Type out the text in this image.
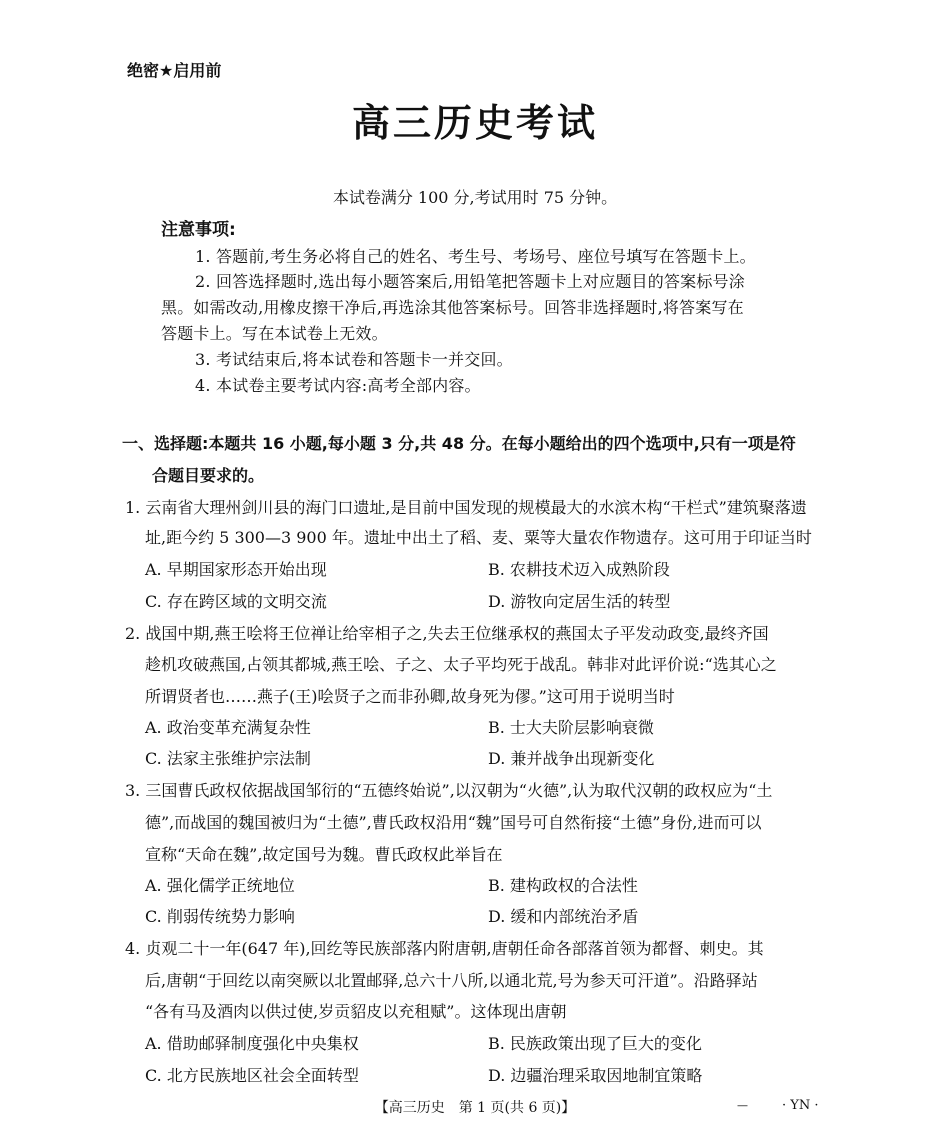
绝密★启用前
高三历史考试
本试卷满分 100 分,考试用时 75 分钟。
注意事项:
1. 答题前,考生务必将自己的姓名、考生号、考场号、座位号填写在答题卡上。
2. 回答选择题时,选出每小题答案后,用铅笔把答题卡上对应题目的答案标号涂
黑。如需改动,用橡皮擦干净后,再选涂其他答案标号。回答非选择题时,将答案写在
答题卡上。写在本试卷上无效。
3. 考试结束后,将本试卷和答题卡一并交回。
4. 本试卷主要考试内容:高考全部内容。
一、选择题:本题共 16 小题,每小题 3 分,共 48 分。在每小题给出的四个选项中,只有一项是符
合题目要求的。
1. 云南省大理州剑川县的海门口遗址,是目前中国发现的规模最大的水滨木构“干栏式”建筑聚落遗
址,距今约 5 300—3 900 年。遗址中出土了稻、麦、粟等大量农作物遗存。这可用于印证当时
A. 早期国家形态开始出现	B. 农耕技术迈入成熟阶段
C. 存在跨区域的文明交流	D. 游牧向定居生活的转型
2. 战国中期,燕王哙将王位禅让给宰相子之,失去王位继承权的燕国太子平发动政变,最终齐国
趁机攻破燕国,占领其都城,燕王哙、子之、太子平均死于战乱。韩非对此评价说:“选其心之
所谓贤者也……燕子(王)哙贤子之而非孙卿,故身死为僇。”这可用于说明当时
A. 政治变革充满复杂性	B. 士大夫阶层影响衰微
C. 法家主张维护宗法制	D. 兼并战争出现新变化
3. 三国曹氏政权依据战国邹衍的“五德终始说”,以汉朝为“火德”,认为取代汉朝的政权应为“土
德”,而战国的魏国被归为“土德”,曹氏政权沿用“魏”国号可自然衔接“土德”身份,进而可以
宣称“天命在魏”,故定国号为魏。曹氏政权此举旨在
A. 强化儒学正统地位	B. 建构政权的合法性
C. 削弱传统势力影响	D. 缓和内部统治矛盾
4. 贞观二十一年(647 年),回纥等民族部落内附唐朝,唐朝任命各部落首领为都督、刺史。其
后,唐朝“于回纥以南突厥以北置邮驿,总六十八所,以通北荒,号为参天可汗道”。沿路驿站
“各有马及酒肉以供过使,岁贡貂皮以充租赋”。这体现出唐朝
A. 借助邮驿制度强化中央集权	B. 民族政策出现了巨大的变化
C. 北方民族地区社会全面转型	D. 边疆治理采取因地制宜策略
【高三历史　第 1 页(共 6 页)】	—	· YN ·
